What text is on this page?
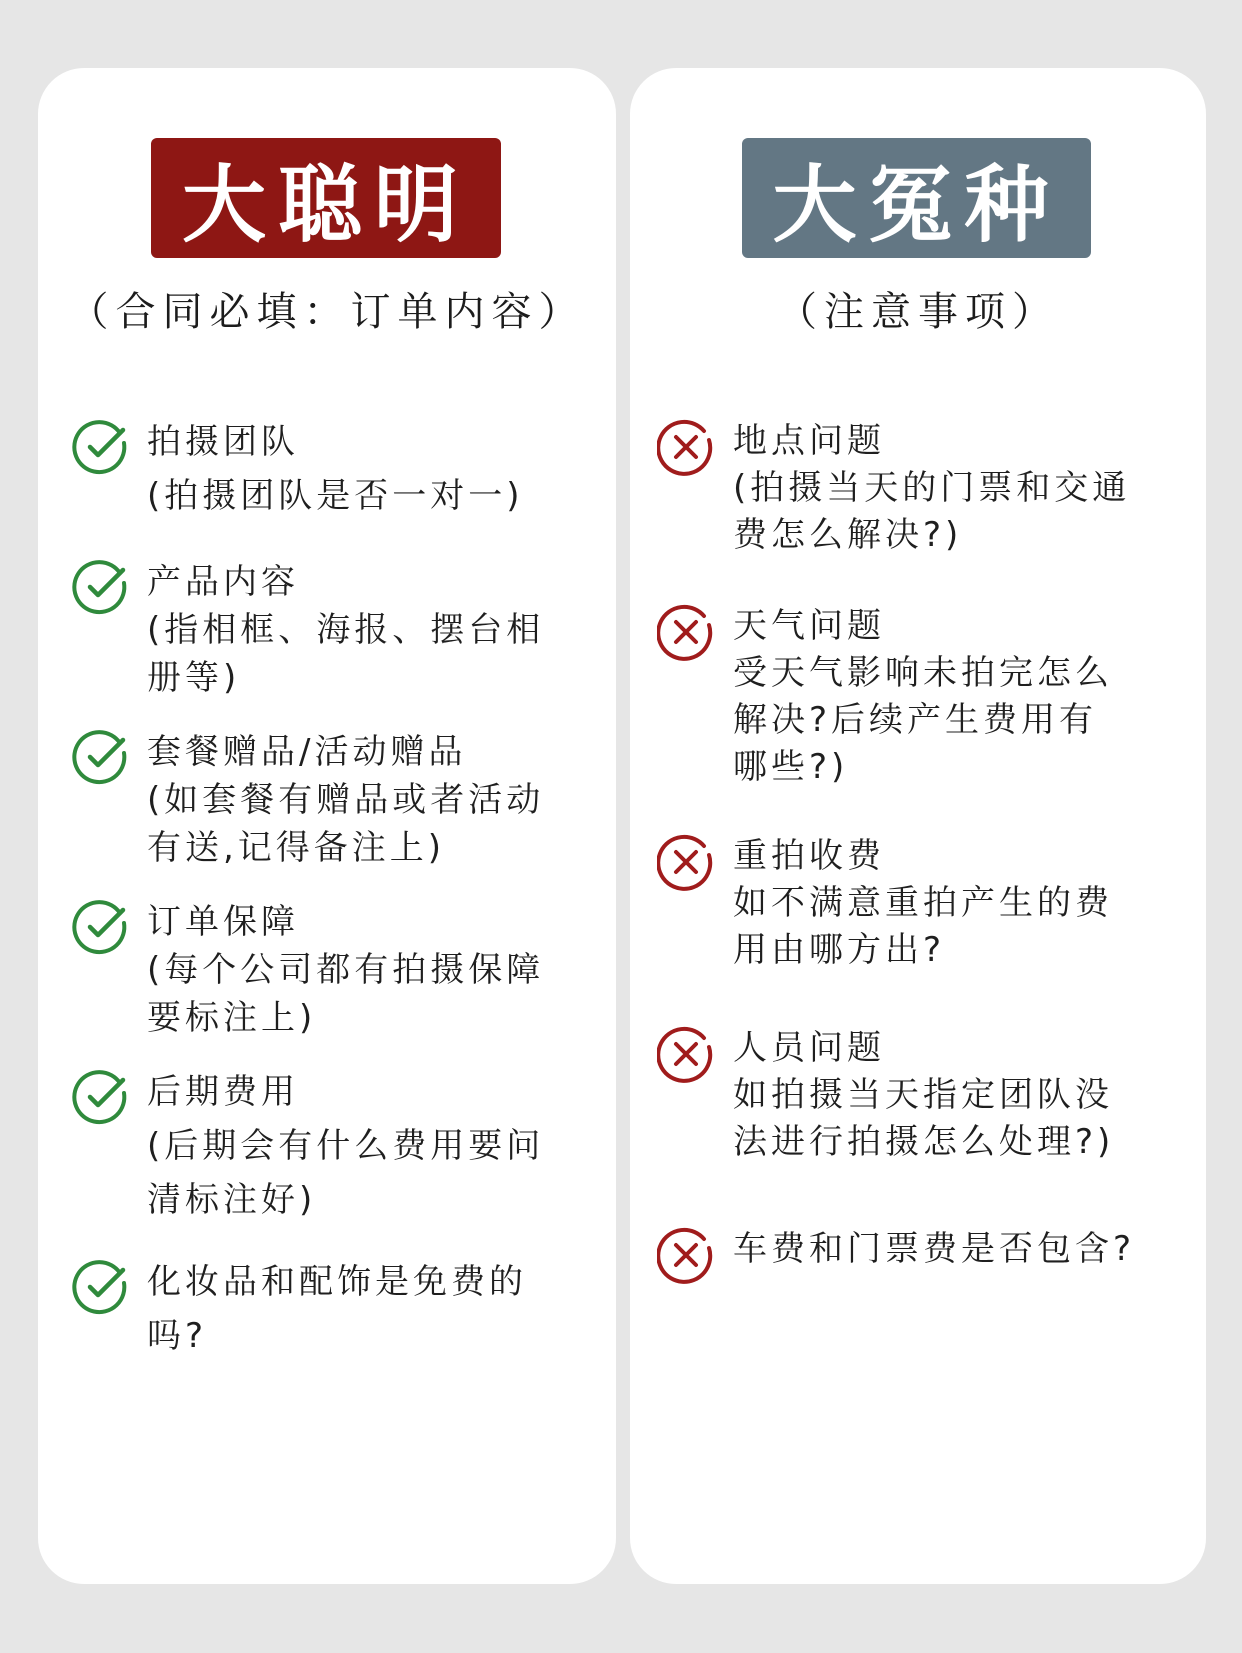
大聪明
（合同必填：订单内容）
拍摄团队
(拍摄团队是否一对一)
产品内容
(指相框、海报、摆台相
册等)
套餐赠品/活动赠品
(如套餐有赠品或者活动
有送,记得备注上)
订单保障
(每个公司都有拍摄保障
要标注上)
后期费用
(后期会有什么费用要问
清标注好)
化妆品和配饰是免费的
吗?
大冤种
（注意事项）
地点问题
(拍摄当天的门票和交通
费怎么解决?)
天气问题
受天气影响未拍完怎么
解决?后续产生费用有
哪些?)
重拍收费
如不满意重拍产生的费
用由哪方出?
人员问题
如拍摄当天指定团队没
法进行拍摄怎么处理?)
车费和门票费是否包含?
